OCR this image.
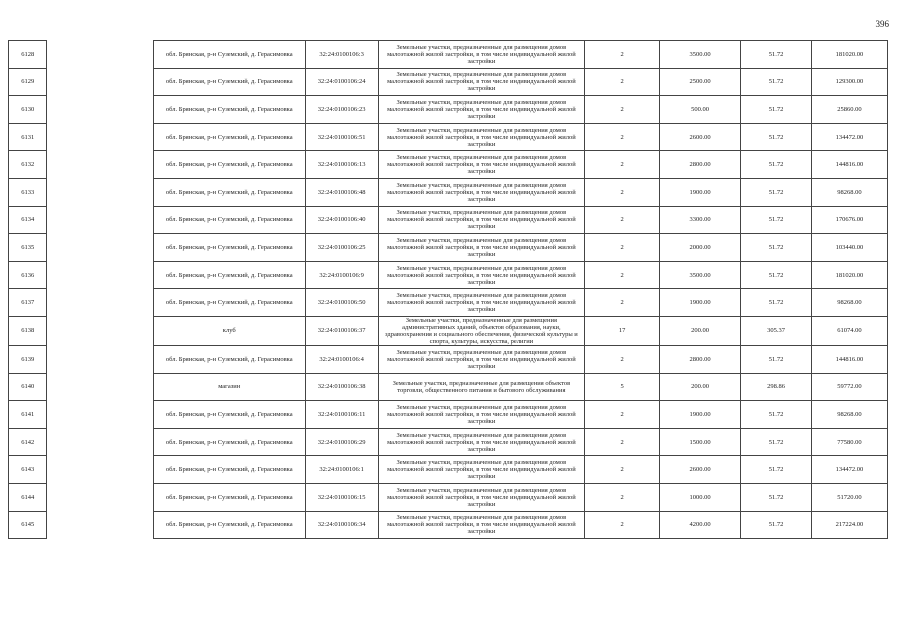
396
6128		обл. Брянская, р-н Суземский, д. Герасимовка	32:24:0100106:3	Земельные участки, предназначенные для размещения домов малоэтажной жилой застройки, в том числе индивидуальной жилой застройки	2	3500.00	51.72	181020.00
6129		обл. Брянская, р-н Суземский, д. Герасимовка	32:24:0100106:24	Земельные участки, предназначенные для размещения домов малоэтажной жилой застройки, в том числе индивидуальной жилой застройки	2	2500.00	51.72	129300.00
6130		обл. Брянская, р-н Суземский, д. Герасимовка	32:24:0100106:23	Земельные участки, предназначенные для размещения домов малоэтажной жилой застройки, в том числе индивидуальной жилой застройки	2	500.00	51.72	25860.00
6131		обл. Брянская, р-н Суземский, д. Герасимовка	32:24:0100106:51	Земельные участки, предназначенные для размещения домов малоэтажной жилой застройки, в том числе индивидуальной жилой застройки	2	2600.00	51.72	134472.00
6132		обл. Брянская, р-н Суземский, д. Герасимовка	32:24:0100106:13	Земельные участки, предназначенные для размещения домов малоэтажной жилой застройки, в том числе индивидуальной жилой застройки	2	2800.00	51.72	144816.00
6133		обл. Брянская, р-н Суземский, д. Герасимовка	32:24:0100106:48	Земельные участки, предназначенные для размещения домов малоэтажной жилой застройки, в том числе индивидуальной жилой застройки	2	1900.00	51.72	98268.00
6134		обл. Брянская, р-н Суземский, д. Герасимовка	32:24:0100106:40	Земельные участки, предназначенные для размещения домов малоэтажной жилой застройки, в том числе индивидуальной жилой застройки	2	3300.00	51.72	170676.00
6135		обл. Брянская, р-н Суземский, д. Герасимовка	32:24:0100106:25	Земельные участки, предназначенные для размещения домов малоэтажной жилой застройки, в том числе индивидуальной жилой застройки	2	2000.00	51.72	103440.00
6136		обл. Брянская, р-н Суземский, д. Герасимовка	32:24:0100106:9	Земельные участки, предназначенные для размещения домов малоэтажной жилой застройки, в том числе индивидуальной жилой застройки	2	3500.00	51.72	181020.00
6137		обл. Брянская, р-н Суземский, д. Герасимовка	32:24:0100106:50	Земельные участки, предназначенные для размещения домов малоэтажной жилой застройки, в том числе индивидуальной жилой застройки	2	1900.00	51.72	98268.00
6138		клуб	32:24:0100106:37	Земельные участки, предназначенные для размещения административных зданий, объектов образования, науки, здравоохранения и социального обеспечения, физической культуры и спорта, культуры, искусства, религии	17	200.00	305.37	61074.00
6139		обл. Брянская, р-н Суземский, д. Герасимовка	32:24:0100106:4	Земельные участки, предназначенные для размещения домов малоэтажной жилой застройки, в том числе индивидуальной жилой застройки	2	2800.00	51.72	144816.00
6140		магазин	32:24:0100106:38	Земельные участки, предназначенные для размещения объектов торговли, общественного питания и бытового обслуживания	5	200.00	298.86	59772.00
6141		обл. Брянская, р-н Суземский, д. Герасимовка	32:24:0100106:11	Земельные участки, предназначенные для размещения домов малоэтажной жилой застройки, в том числе индивидуальной жилой застройки	2	1900.00	51.72	98268.00
6142		обл. Брянская, р-н Суземский, д. Герасимовка	32:24:0100106:29	Земельные участки, предназначенные для размещения домов малоэтажной жилой застройки, в том числе индивидуальной жилой застройки	2	1500.00	51.72	77580.00
6143		обл. Брянская, р-н Суземский, д. Герасимовка	32:24:0100106:1	Земельные участки, предназначенные для размещения домов малоэтажной жилой застройки, в том числе индивидуальной жилой застройки	2	2600.00	51.72	134472.00
6144		обл. Брянская, р-н Суземский, д. Герасимовка	32:24:0100106:15	Земельные участки, предназначенные для размещения домов малоэтажной жилой застройки, в том числе индивидуальной жилой застройки	2	1000.00	51.72	51720.00
6145		обл. Брянская, р-н Суземский, д. Герасимовка	32:24:0100106:34	Земельные участки, предназначенные для размещения домов малоэтажной жилой застройки, в том числе индивидуальной жилой застройки	2	4200.00	51.72	217224.00
